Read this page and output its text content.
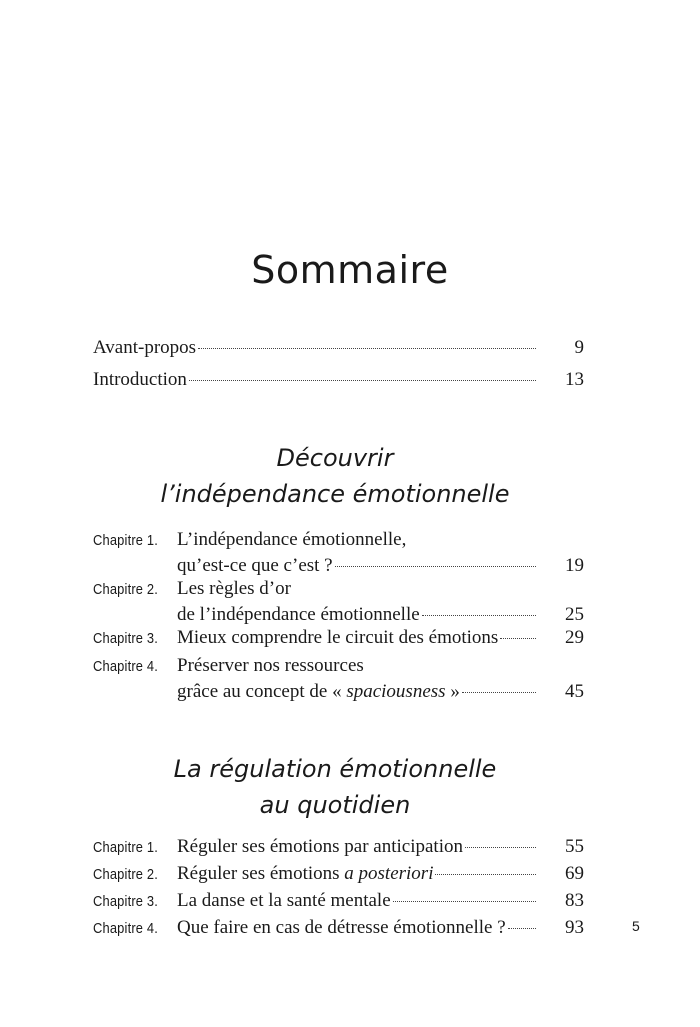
Sommaire
Avant-propos	9
Introduction	13
Découvrir
l’indépendance émotionnelle
Chapitre 1.	L’indépendance émotionnelle,
qu’est-ce que c’est ?	19
Chapitre 2.	Les règles d’or
de l’indépendance émotionnelle	25
Chapitre 3.	Mieux comprendre le circuit des émotions	29
Chapitre 4.	Préserver nos ressources
grâce au concept de « spaciousness »	45
La régulation émotionnelle
au quotidien
Chapitre 1.	Réguler ses émotions par anticipation	55
Chapitre 2.	Réguler ses émotions a posteriori	69
Chapitre 3.	La danse et la santé mentale	83
Chapitre 4.	Que faire en cas de détresse émotionnelle ?	93	5
